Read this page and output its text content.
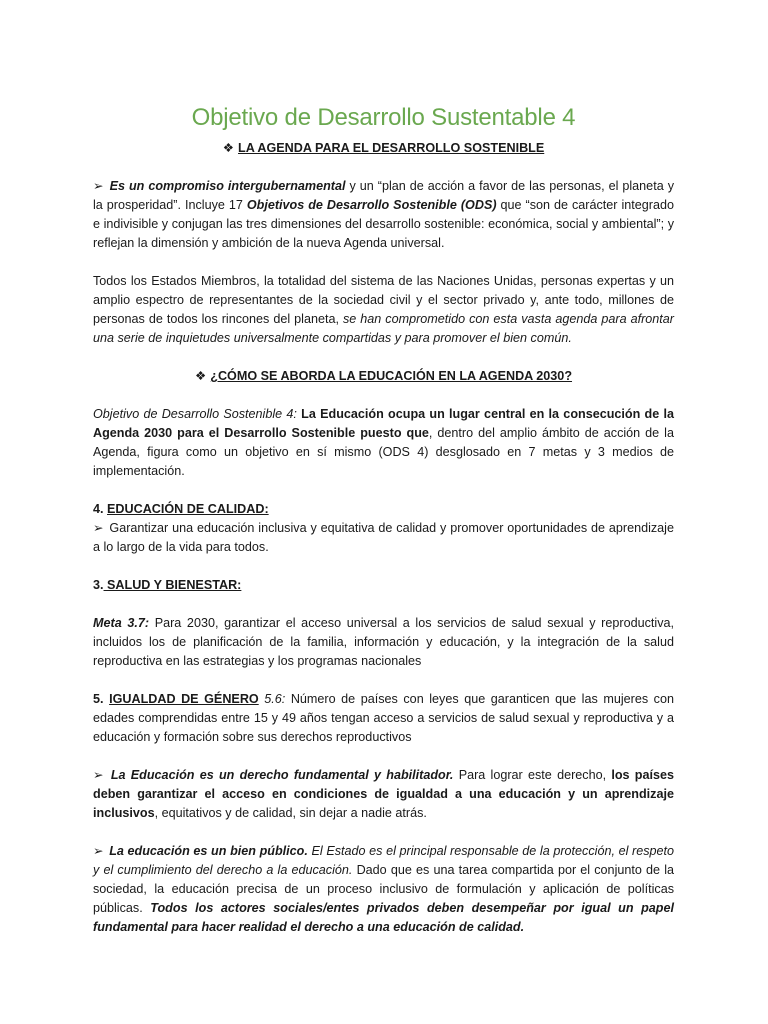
Objetivo de Desarrollo Sustentable 4

❖ LA AGENDA PARA EL DESARROLLO SOSTENIBLE

➢ Es un compromiso intergubernamental y un “plan de acción a favor de las personas, el planeta y la prosperidad”. Incluye 17 Objetivos de Desarrollo Sostenible (ODS) que “son de carácter integrado e indivisible y conjugan las tres dimensiones del desarrollo sostenible: económica, social y ambiental”; y reflejan la dimensión y ambición de la nueva Agenda universal.

Todos los Estados Miembros, la totalidad del sistema de las Naciones Unidas, personas expertas y un amplio espectro de representantes de la sociedad civil y el sector privado y, ante todo, millones de personas de todos los rincones del planeta, se han comprometido con esta vasta agenda para afrontar una serie de inquietudes universalmente compartidas y para promover el bien común.

❖ ¿CÓMO SE ABORDA LA EDUCACIÓN EN LA AGENDA 2030?

Objetivo de Desarrollo Sostenible 4: La Educación ocupa un lugar central en la consecución de la Agenda 2030 para el Desarrollo Sostenible puesto que, dentro del amplio ámbito de acción de la Agenda, figura como un objetivo en sí mismo (ODS 4) desglosado en 7 metas y 3 medios de implementación.

4. EDUCACIÓN DE CALIDAD:

➢ Garantizar una educación inclusiva y equitativa de calidad y promover oportunidades de aprendizaje a lo largo de la vida para todos.

3. SALUD Y BIENESTAR:

Meta 3.7: Para 2030, garantizar el acceso universal a los servicios de salud sexual y reproductiva, incluidos los de planificación de la familia, información y educación, y la integración de la salud reproductiva en las estrategias y los programas nacionales

5. IGUALDAD DE GÉNERO 5.6: Número de países con leyes que garanticen que las mujeres con edades comprendidas entre 15 y 49 años tengan acceso a servicios de salud sexual y reproductiva y a educación y formación sobre sus derechos reproductivos

➢ La Educación es un derecho fundamental y habilitador. Para lograr este derecho, los países deben garantizar el acceso en condiciones de igualdad a una educación y un aprendizaje inclusivos, equitativos y de calidad, sin dejar a nadie atrás.

➢ La educación es un bien público. El Estado es el principal responsable de la protección, el respeto y el cumplimiento del derecho a la educación. Dado que es una tarea compartida por el conjunto de la sociedad, la educación precisa de un proceso inclusivo de formulación y aplicación de políticas públicas. Todos los actores sociales/entes privados deben desempeñar por igual un papel fundamental para hacer realidad el derecho a una educación de calidad.
